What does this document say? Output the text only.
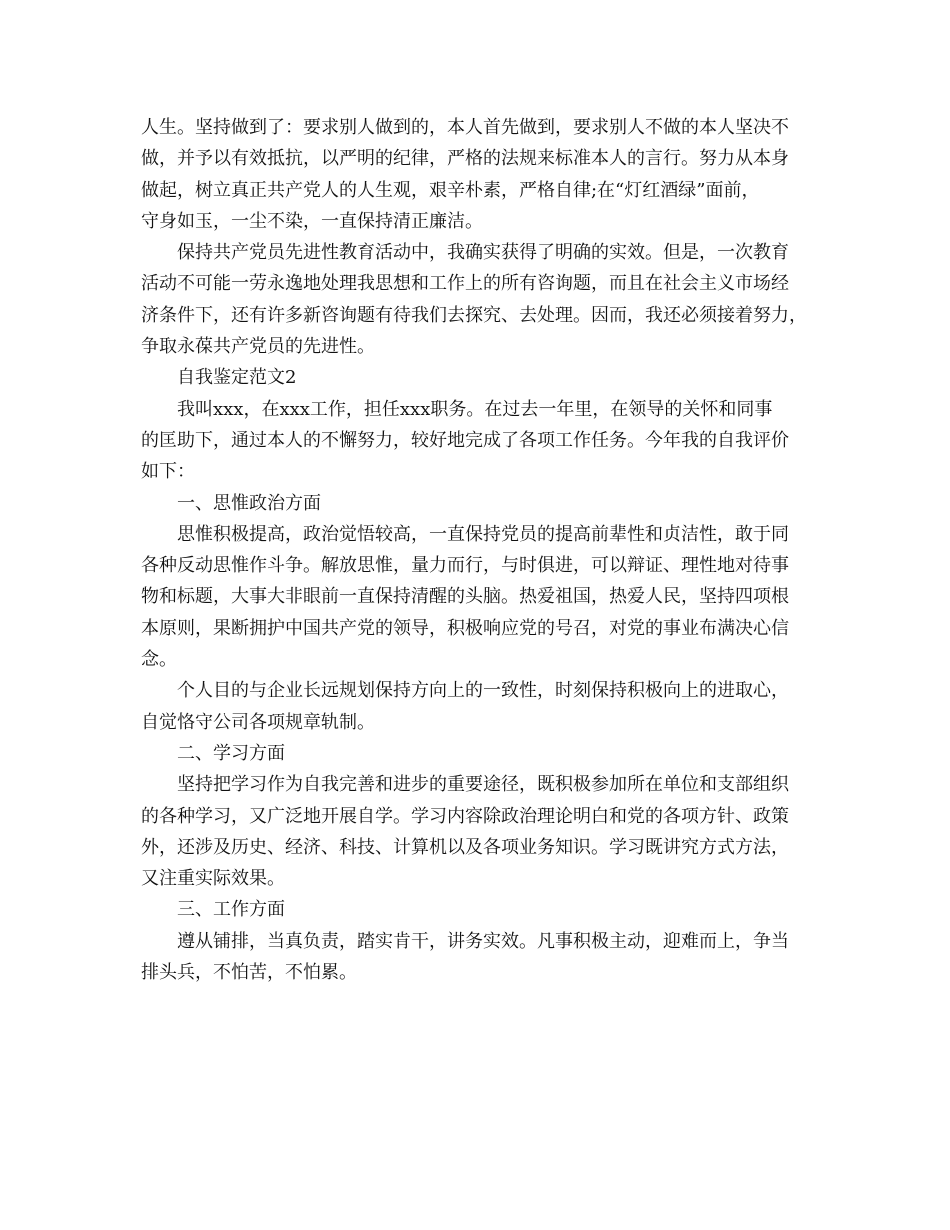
人生。坚持做到了：要求别人做到的，本人首先做到，要求别人不做的本人坚决不
做，并予以有效抵抗，以严明的纪律，严格的法规来标准本人的言行。努力从本身
做起，树立真正共产党人的人生观，艰辛朴素，严格自律;在“灯红酒绿”面前，
守身如玉，一尘不染，一直保持清正廉洁。
保持共产党员先进性教育活动中，我确实获得了明确的实效。但是，一次教育
活动不可能一劳永逸地处理我思想和工作上的所有咨询题，而且在社会主义市场经
济条件下，还有许多新咨询题有待我们去探究、去处理。因而，我还必须接着努力，
争取永葆共产党员的先进性。
自我鉴定范文2
我叫xxx，在xxx工作，担任xxx职务。在过去一年里，在领导的关怀和同事
的匡助下，通过本人的不懈努力，较好地完成了各项工作任务。今年我的自我评价
如下：
一、思惟政治方面
思惟积极提高，政治觉悟较高，一直保持党员的提高前辈性和贞洁性，敢于同
各种反动思惟作斗争。解放思惟，量力而行，与时俱进，可以辩证、理性地对待事
物和标题，大事大非眼前一直保持清醒的头脑。热爱祖国，热爱人民，坚持四项根
本原则，果断拥护中国共产党的领导，积极响应党的号召，对党的事业布满决心信
念。
个人目的与企业长远规划保持方向上的一致性，时刻保持积极向上的进取心，
自觉恪守公司各项规章轨制。
二、学习方面
坚持把学习作为自我完善和进步的重要途径，既积极参加所在单位和支部组织
的各种学习，又广泛地开展自学。学习内容除政治理论明白和党的各项方针、政策
外，还涉及历史、经济、科技、计算机以及各项业务知识。学习既讲究方式方法，
又注重实际效果。
三、工作方面
遵从铺排，当真负责，踏实肯干，讲务实效。凡事积极主动，迎难而上，争当
排头兵，不怕苦，不怕累。
